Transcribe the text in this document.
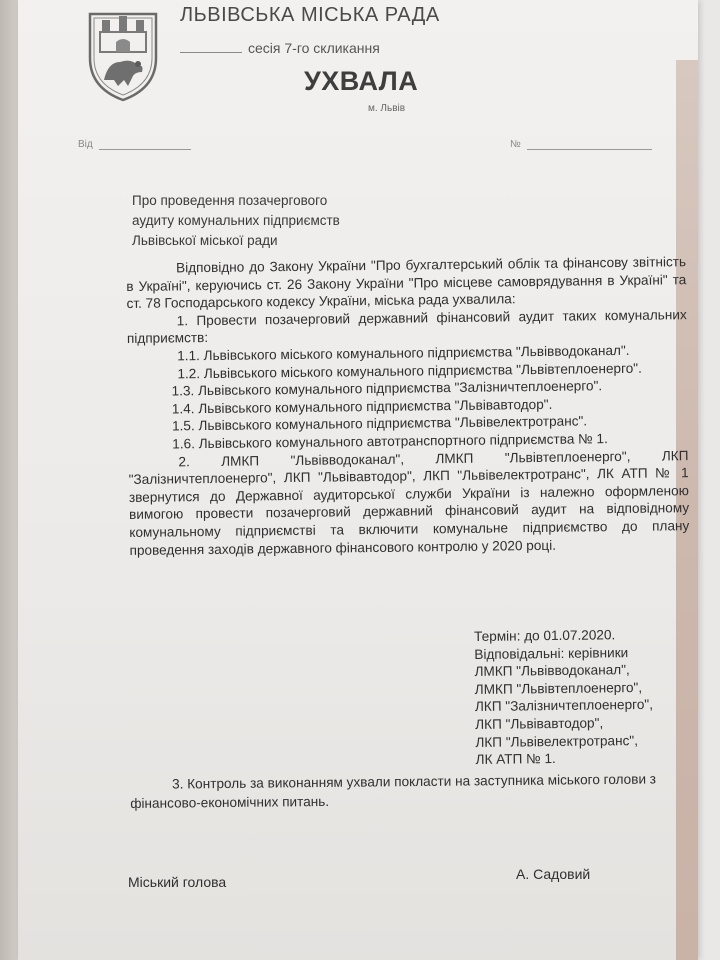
ЛЬВІВСЬКА МІСЬКА РАДА
сесія 7-го скликання
УХВАЛА
м. Львів
Від	№
Про проведення позачергового
аудиту комунальних підприємств
Львівської міської ради

Відповідно до Закону України "Про бухгалтерський облік та фінансову звітність в Україні", керуючись ст. 26 Закону України "Про місцеве самоврядування в Україні" та ст. 78 Господарського кодексу України, міська рада ухвалила:

1. Провести позачерговий державний фінансовий аудит таких комунальних підприємств:

1.1. Львівського міського комунального підприємства "Львівводоканал".

1.2. Львівського міського комунального підприємства "Львівтеплоенерго".

1.3. Львівського комунального підприємства "Залізничтеплоенерго".

1.4. Львівського комунального підприємства "Львівавтодор".

1.5. Львівського комунального підприємства "Львівелектротранс".

1.6. Львівського комунального автотранспортного підприємства № 1.

2. ЛМКП "Львівводоканал", ЛМКП "Львівтеплоенерго", ЛКП "Залізничтеплоенерго", ЛКП "Львівавтодор", ЛКП "Львівелектротранс", ЛК АТП № 1 звернутися до Державної аудиторської служби України із належно оформленою вимогою провести позачерговий державний фінансовий аудит на відповідному комунальному підприємстві та включити комунальне підприємство до плану проведення заходів державного фінансового контролю у 2020 році.

Термін: до 01.07.2020.
Відповідальні: керівники
ЛМКП "Львівводоканал",
ЛМКП "Львівтеплоенерго",
ЛКП "Залізничтеплоенерго",
ЛКП "Львівавтодор",
ЛКП "Львівелектротранс",
ЛК АТП № 1.

3. Контроль за виконанням ухвали покласти на заступника міського голови з фінансово-економічних питань.

Міський голова	А. Садовий
